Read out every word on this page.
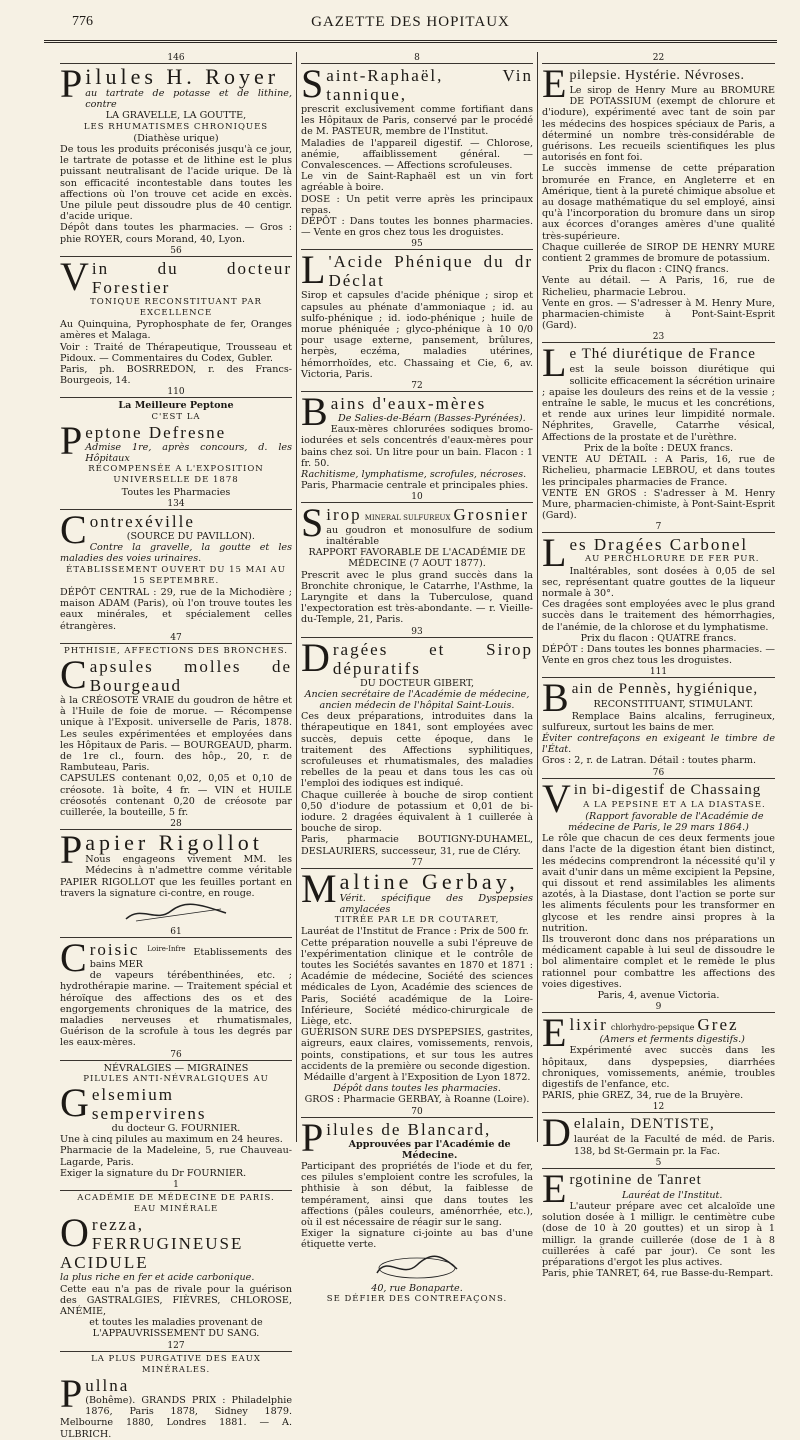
776	GAZETTE DES HOPITAUX
146

Pilules H. Royer

au tartrate de potasse et de lithine, contre

LA GRAVELLE, LA GOUTTE,

LES RHUMATISMES CHRONIQUES

(Diathèse urique)

De tous les produits préconisés jusqu'à ce jour, le tartrate de potasse et de lithine est le plus puissant neutralisant de l'acide urique. De là son efficacité incontestable dans toutes les affections où l'on trouve cet acide en excès. Une pilule peut dissoudre plus de 40 centigr. d'acide urique.

Dépôt dans toutes les pharmacies. — Gros : phie ROYER, cours Morand, 40, Lyon.

56

Vin du docteur Forestier

TONIQUE RECONSTITUANT PAR EXCELLENCE

Au Quinquina, Pyrophosphate de fer, Oranges amères et Malaga.

Voir : Traité de Thérapeutique, Trousseau et Pidoux. — Commentaires du Codex, Gubler.

Paris, ph. BOSRREDON, r. des Francs-Bourgeois, 14.

110

La Meilleure Peptone

C'EST LA

Peptone Defresne

Admise 1re, après concours, d. les Hôpitaux

RÉCOMPENSÉE A L'EXPOSITION UNIVERSELLE DE 1878

Toutes les Pharmacies

134

Contrexéville

(SOURCE DU PAVILLON).

Contre la gravelle, la goutte et les maladies des voies urinaires.

ÉTABLISSEMENT OUVERT DU 15 MAI AU 15 SEPTEMBRE.

DÉPÔT CENTRAL : 29, rue de la Michodière ; maison ADAM (Paris), où l'on trouve toutes les eaux minérales, et spécialement celles étrangères.

47

PHTHISIE, AFFECTIONS DES BRONCHES.

Capsules molles de Bourgeaud

à la CRÉOSOTE VRAIE du goudron de hêtre et à l'Huile de foie de morue. — Récompense unique à l'Exposit. universelle de Paris, 1878. Les seules expérimentées et employées dans les Hôpitaux de Paris. — BOURGEAUD, pharm. de 1re cl., fourn. des hôp., 20, r. de Rambuteau, Paris.

CAPSULES contenant 0,02, 0,05 et 0,10 de créosote. 1à boîte, 4 fr. — VIN et HUILE créosotés contenant 0,20 de créosote par cuillerée, la bouteille, 5 fr.

28

Papier Rigollot

Nous engageons vivement MM. les Médecins à n'admettre comme véritable PAPIER RIGOLLOT que les feuilles portant en travers la signature ci-contre, en rouge.

61

Croisic $^{Loire-Infre}$ Etablissements des bains MER

de vapeurs térébenthinées, etc. ; hydrothérapie marine. — Traitement spécial et héroïque des affections des os et des engorgements chroniques de la matrice, des maladies nerveuses et rhumatismales, Guérison de la scrofule à tous les degrés par les eaux-mères.

76

NÉVRALGIES — MIGRAINES

PILULES ANTI-NÉVRALGIQUES AU

Gelsemium sempervirens

du docteur G. FOURNIER.

Une à cinq pilules au maximum en 24 heures.

Pharmacie de la Madeleine, 5, rue Chauveau-Lagarde, Paris.

Exiger la signature du Dr FOURNIER.

1

ACADÉMIE DE MÉDECINE DE PARIS.

EAU MINÉRALE

Orezza, FERRUGINEUSE ACIDULE

la plus riche en fer et acide carbonique.

Cette eau n'a pas de rivale pour la guérison des GASTRALGIES, FIÈVRES, CHLOROSE, ANÉMIE,

et toutes les maladies provenant de

L'APPAUVRISSEMENT DU SANG.

127

LA PLUS PURGATIVE DES EAUX MINÉRALES.

Pullna

(Bohême). GRANDS PRIX : Philadelphie 1876, Paris 1878, Sidney 1879. Melbourne 1880, Londres 1881. — A. ULBRICH.

8

Saint-Raphaël, Vin tannique,

prescrit exclusivement comme fortifiant dans les Hôpitaux de Paris, conservé par le procédé de M. PASTEUR, membre de l'Institut.

Maladies de l'appareil digestif. — Chlorose, anémie, affaiblissement général. — Convalescences. — Affections scrofuleuses.

Le vin de Saint-Raphaël est un vin fort agréable à boire.

DOSE : Un petit verre après les principaux repas.

DÉPÔT : Dans toutes les bonnes pharmacies. — Vente en gros chez tous les droguistes.

95

L 'Acide Phénique du dr Déclat

Sirop et capsules d'acide phénique ; sirop et capsules au phénate d'ammoniaque ; id. au sulfo-phénique ; id. iodo-phénique ; huile de morue phéniquée ; glyco-phénique à 10 0/0 pour usage externe, pansement, brûlures, herpès, eczéma, maladies utérines, hémorrhoïdes, etc. Chassaing et Cie, 6, av. Victoria, Paris.

72

Bains d'eaux-mères

De Salies-de-Béarn (Basses-Pyrénées).

Eaux-mères chlorurées sodiques bromo-iodurées et sels concentrés d'eaux-mères pour bains chez soi. Un litre pour un bain. Flacon : 1 fr. 50.

Rachitisme, lymphatisme, scrofules, nécroses.

Paris, Pharmacie centrale et principales phies.

10

Sirop MINERAL SULFUREUX Grosnier

au goudron et monosulfure de sodium inaltérable

RAPPORT FAVORABLE DE L'ACADÉMIE DE MÉDECINE (7 AOUT 1877).

Prescrit avec le plus grand succès dans la Bronchite chronique, le Catarrhe, l'Asthme, la Laryngite et dans la Tuberculose, quand l'expectoration est très-abondante. — r. Vieille-du-Temple, 21, Paris.

93

Dragées et Sirop dépuratifs

DU DOCTEUR GIBERT,

Ancien secrétaire de l'Académie de médecine, ancien médecin de l'hôpital Saint-Louis.

Ces deux préparations, introduites dans la thérapeutique en 1841, sont employées avec succès, depuis cette époque, dans le traitement des Affections syphilitiques, scrofuleuses et rhumatismales, des maladies rebelles de la peau et dans tous les cas où l'emploi des iodiques est indiqué.

Chaque cuillerée à bouche de sirop contient 0,50 d'iodure de potassium et 0,01 de bi-iodure. 2 dragées équivalent à 1 cuillerée à bouche de sirop.

Paris, pharmacie BOUTIGNY-DUHAMEL, DESLAURIERS, successeur, 31, rue de Cléry.

77

Maltine Gerbay,

Vérit. spécifique des Dyspepsies amylacées

TITRÉE PAR LE DR COUTARET,

Lauréat de l'Institut de France : Prix de 500 fr.

Cette préparation nouvelle a subi l'épreuve de l'expérimentation clinique et le contrôle de toutes les Sociétés savantes en 1870 et 1871 : Académie de médecine, Société des sciences médicales de Lyon, Académie des sciences de Paris, Société académique de la Loire-Inférieure, Société médico-chirurgicale de Liège, etc.

GUÉRISON SURE DES DYSPEPSIES, gastrites, aigreurs, eaux claires, vomissements, renvois, points, constipations, et sur tous les autres accidents de la première ou seconde digestion.

Médaille d'argent à l'Exposition de Lyon 1872.

Dépôt dans toutes les pharmacies.

GROS : Pharmacie GERBAY, à Roanne (Loire).

70

Pilules de Blancard,

Approuvées par l'Académie de Médecine.

Participant des propriétés de l'iode et du fer, ces pilules s'emploient contre les scrofules, la phthisie à son début, la faiblesse de tempérament, ainsi que dans toutes les affections (pâles couleurs, aménorrhée, etc.), où il est nécessaire de réagir sur le sang.

Exiger la signature ci-jointe au bas d'une étiquette verte.

40, rue Bonaparte.

SE DÉFIER DES CONTREFAÇONS.

22

Epilepsie. Hystérie. Névroses.

Le sirop de Henry Mure au BROMURE DE POTASSIUM (exempt de chlorure et d'iodure), expérimenté avec tant de soin par les médecins des hospices spéciaux de Paris, a déterminé un nombre très-considérable de guérisons. Les recueils scientifiques les plus autorisés en font foi.

Le succès immense de cette préparation bromurée en France, en Angleterre et en Amérique, tient à la pureté chimique absolue et au dosage mathématique du sel employé, ainsi qu'à l'incorporation du bromure dans un sirop aux écorces d'oranges amères d'une qualité très-supérieure.

Chaque cuillerée de SIROP DE HENRY MURE contient 2 grammes de bromure de potassium.

Prix du flacon : CINQ francs.

Vente au détail. — A Paris, 16, rue de Richelieu, pharmacie Lebrou.

Vente en gros. — S'adresser à M. Henry Mure, pharmacien-chimiste à Pont-Saint-Esprit (Gard).

23

Le Thé diurétique de France

est la seule boisson diurétique qui sollicite efficacement la sécrétion urinaire ; apaise les douleurs des reins et de la vessie ; entraîne le sable, le mucus et les concrétions, et rende aux urines leur limpidité normale. Néphrites, Gravelle, Catarrhe vésical, Affections de la prostate et de l'urèthre.

Prix de la boîte : DEUX francs.

VENTE AU DÉTAIL : A Paris, 16, rue de Richelieu, pharmacie LEBROU, et dans toutes les principales pharmacies de France.

VENTE EN GROS : S'adresser à M. Henry Mure, pharmacien-chimiste, à Pont-Saint-Esprit (Gard).

7

Les Dragées Carbonel

AU PERCHLORURE DE FER PUR.

Inaltérables, sont dosées à 0,05 de sel sec, représentant quatre gouttes de la liqueur normale à 30°.

Ces dragées sont employées avec le plus grand succès dans le traitement des hémorrhagies, de l'anémie, de la chlorose et du lymphatisme.

Prix du flacon : QUATRE francs.

DÉPÔT : Dans toutes les bonnes pharmacies. — Vente en gros chez tous les droguistes.

111

Bain de Pennès, hygiénique,

RECONSTITUANT, STIMULANT.

Remplace Bains alcalins, ferrugineux, sulfureux, surtout les bains de mer.

Éviter contrefaçons en exigeant le timbre de l'État.

Gros : 2, r. de Latran. Détail : toutes pharm.

76

Vin bi-digestif de Chassaing

A LA PEPSINE ET A LA DIASTASE.

(Rapport favorable de l'Académie de médecine de Paris, le 29 mars 1864.)

Le rôle que chacun de ces deux ferments joue dans l'acte de la digestion étant bien distinct, les médecins comprendront la nécessité qu'il y avait d'unir dans un même excipient la Pepsine, qui dissout et rend assimilables les aliments azotés, à la Diastase, dont l'action se porte sur les aliments féculents pour les transformer en glycose et les rendre ainsi propres à la nutrition.

Ils trouveront donc dans nos préparations un médicament capable à lui seul de dissoudre le bol alimentaire complet et le remède le plus rationnel pour combattre les affections des voies digestives.

Paris, 4, avenue Victoria.

9

Elixir chlorhydro-pepsique Grez

(Amers et ferments digestifs.)

Expérimenté avec succès dans les hôpitaux, dans dyspepsies, diarrhées chroniques, vomissements, anémie, troubles digestifs de l'enfance, etc.

PARIS, phie GREZ, 34, rue de la Bruyère.

12

Delalain, DENTISTE,

lauréat de la Faculté de méd. de Paris. 138, bd St-Germain pr. la Fac.

5

Ergotinine de Tanret

Lauréat de l'Institut.

L'auteur prépare avec cet alcaloïde une solution dosée à 1 milligr. le centimètre cube (dose de 10 à 20 gouttes) et un sirop à 1 milligr. la grande cuillerée (dose de 1 à 8 cuillerées à café par jour). Ce sont les préparations d'ergot les plus actives.

Paris, phie TANRET, 64, rue Basse-du-Rempart.
